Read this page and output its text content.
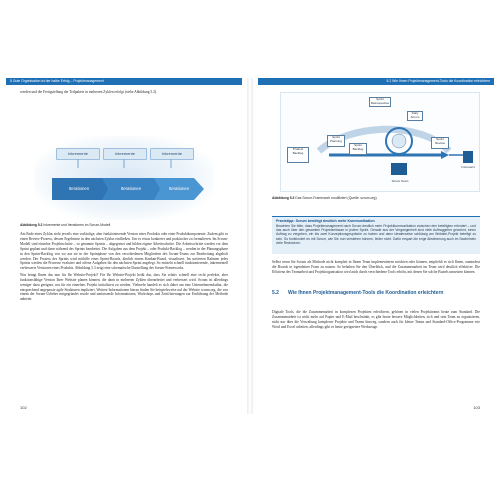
5 Gute Organisation ist der halbe Erfolg – Projektmanagement

werden und die Fertigstellung der Teilpakete in mehreren Zyklen erfolgt (siehe Abbildung 5.2).

Inkremente	Inkremente	Inkremente
Iterationen	Iterationen	Iterationen
Abbildung 5.2 Inkremente und Iterationen im Scrum-Modell

Am Ende eines Zyklus steht jeweils eine vorläufige, aber funktionierende Version eines Produkts oder einer Produktkomponente. Zudem gibt es einen Review-Prozess, dessen Ergebnisse in den nächsten Zyklus einfließen. Um es etwas konkreter und praktischer zu formulieren: Im Scrum-Modell sind einzelne Projektschritte – so genannte Sprints – abgegrenzt und bilden eigene Arbeitsschritte. Die Arbeitsschritte werden vor dem Sprint geplant und dann während des Sprints bearbeitet. Die Aufgaben aus dem Projekt – oder Produkt-Backlog – werden in der Planungsphase in den Sprint-Backlog von wo aus sie in der Sprintphase von den verschiedenen Mitgliedern des Scrum-Teams zur Bearbeitung abgeholt werden. Der Prozess des Sprints wird mithilfe eines Sprint-Boards, ähnlich einem Kanban-Board, visualisiert. Im sortierten Rahmen jedes Sprints werden die Prozesse evaluiert und offene Aufgaben für den nächsten Sprint angelegt. So entsteht schnell funktionierende, inkrementell verbesserte Versionen eines Produkts. Abbildung 5.3 zeigt eine schematische Darstellung des Scrum-Frameworks.

Was bringt Ihnen das nun für Ihr Website-Projekt? Für Ihr Website-Projekt heißt das, dass Sie relativ schnell eine recht perfekte, aber funktionsfähige Version Ihrer Website planen können, die dann in mehreren Zyklen überarbeitet und verbessert wird. Scrum ist allerdings weniger dazu geeignet, nur für ein einzelnes Projekt initialisiert zu werden. Vielmehr handelt es sich dabei um eine Unternehmenskultur, die entsprechend angepasste agile Strukturen impliziert. Weitere Informationen hierzu finden Sie beispielsweise auf der Website scrum.org, die von einem der Scrum-Urheber mitgegründet wurde und umfassende Informationen, Workshops und Zertifizierungen zur Einführung der Methode anbietet.

102
5.2 Wie Ihnen Projektmanagement-Tools die Koordination erleichtern
Sprint Retrospective
Daily Scrum
Product Backlog
Sprint Planning
Sprint Backlog
Scrum Team
Sprint Review
Increment
Abbildung 5.3 Das Scrum-Framework modifiziert (Quelle: scrum.org)
Praxistipp: Scrum benötigt deutlich mehr Kommunikation
Beachten Sie bitte, dass Projektmanagement nach Scrum deutlich mehr Projektkommunikation zwischen den beteiligten erfordert – und das auch über den gesamten Projektzeitraum in jedem Sprint. Gerade aus der Vergangenheit sind viele Auftraggeber gewohnt, einen Auftrag zu vergeben, ein bis zwei Konzeptionsgespräche zu haben und dann idealerweise schlüssig am Website-Projekt beteiligt zu sein. So funktioniert es mit Scrum, wie Sie nun verstehen können, leider nicht. Dafür erspart die enge Abstimmung auch im Nachhinein viele Revisionen.

Selbst wenn Sie Scrum als Methode nicht komplett in Ihrem Team implementieren möchten oder können, empfiehlt es sich Ihnen, zumindest die Boards in irgendeiner Form zu nutzen. So behalten Sie den Überblick, und die Zusammenarbeit im Team wird deutlich effektiver. Die Effizienz des Teamarbeit und Projektorganisation wird auch durch verschiedene Tools erhöht, mit denen Sie solche Boards umsetzen können.

5.2 Wie Ihnen Projektmanagement-Tools die Koordination erleichtern

Digitale Tools, die die Zusammenarbeit in komplexen Projekten erleichtern, gehören in vielen Projektteams heute zum Standard. Die Zusammenarbeit ist nicht mehr auf Papier und E-Mail beschränkt, es gibt heute bessere Möglichkeiten, sich und sein Team zu organisieren, nicht nur über die Verwaltung komplexer Projekte und Teams hinweg, sondern auch für kleine Teams und Standard-Office-Programme wie Word und Excel arbeiten, allerdings gibt es heute geeignetere Werkzeuge.

103
